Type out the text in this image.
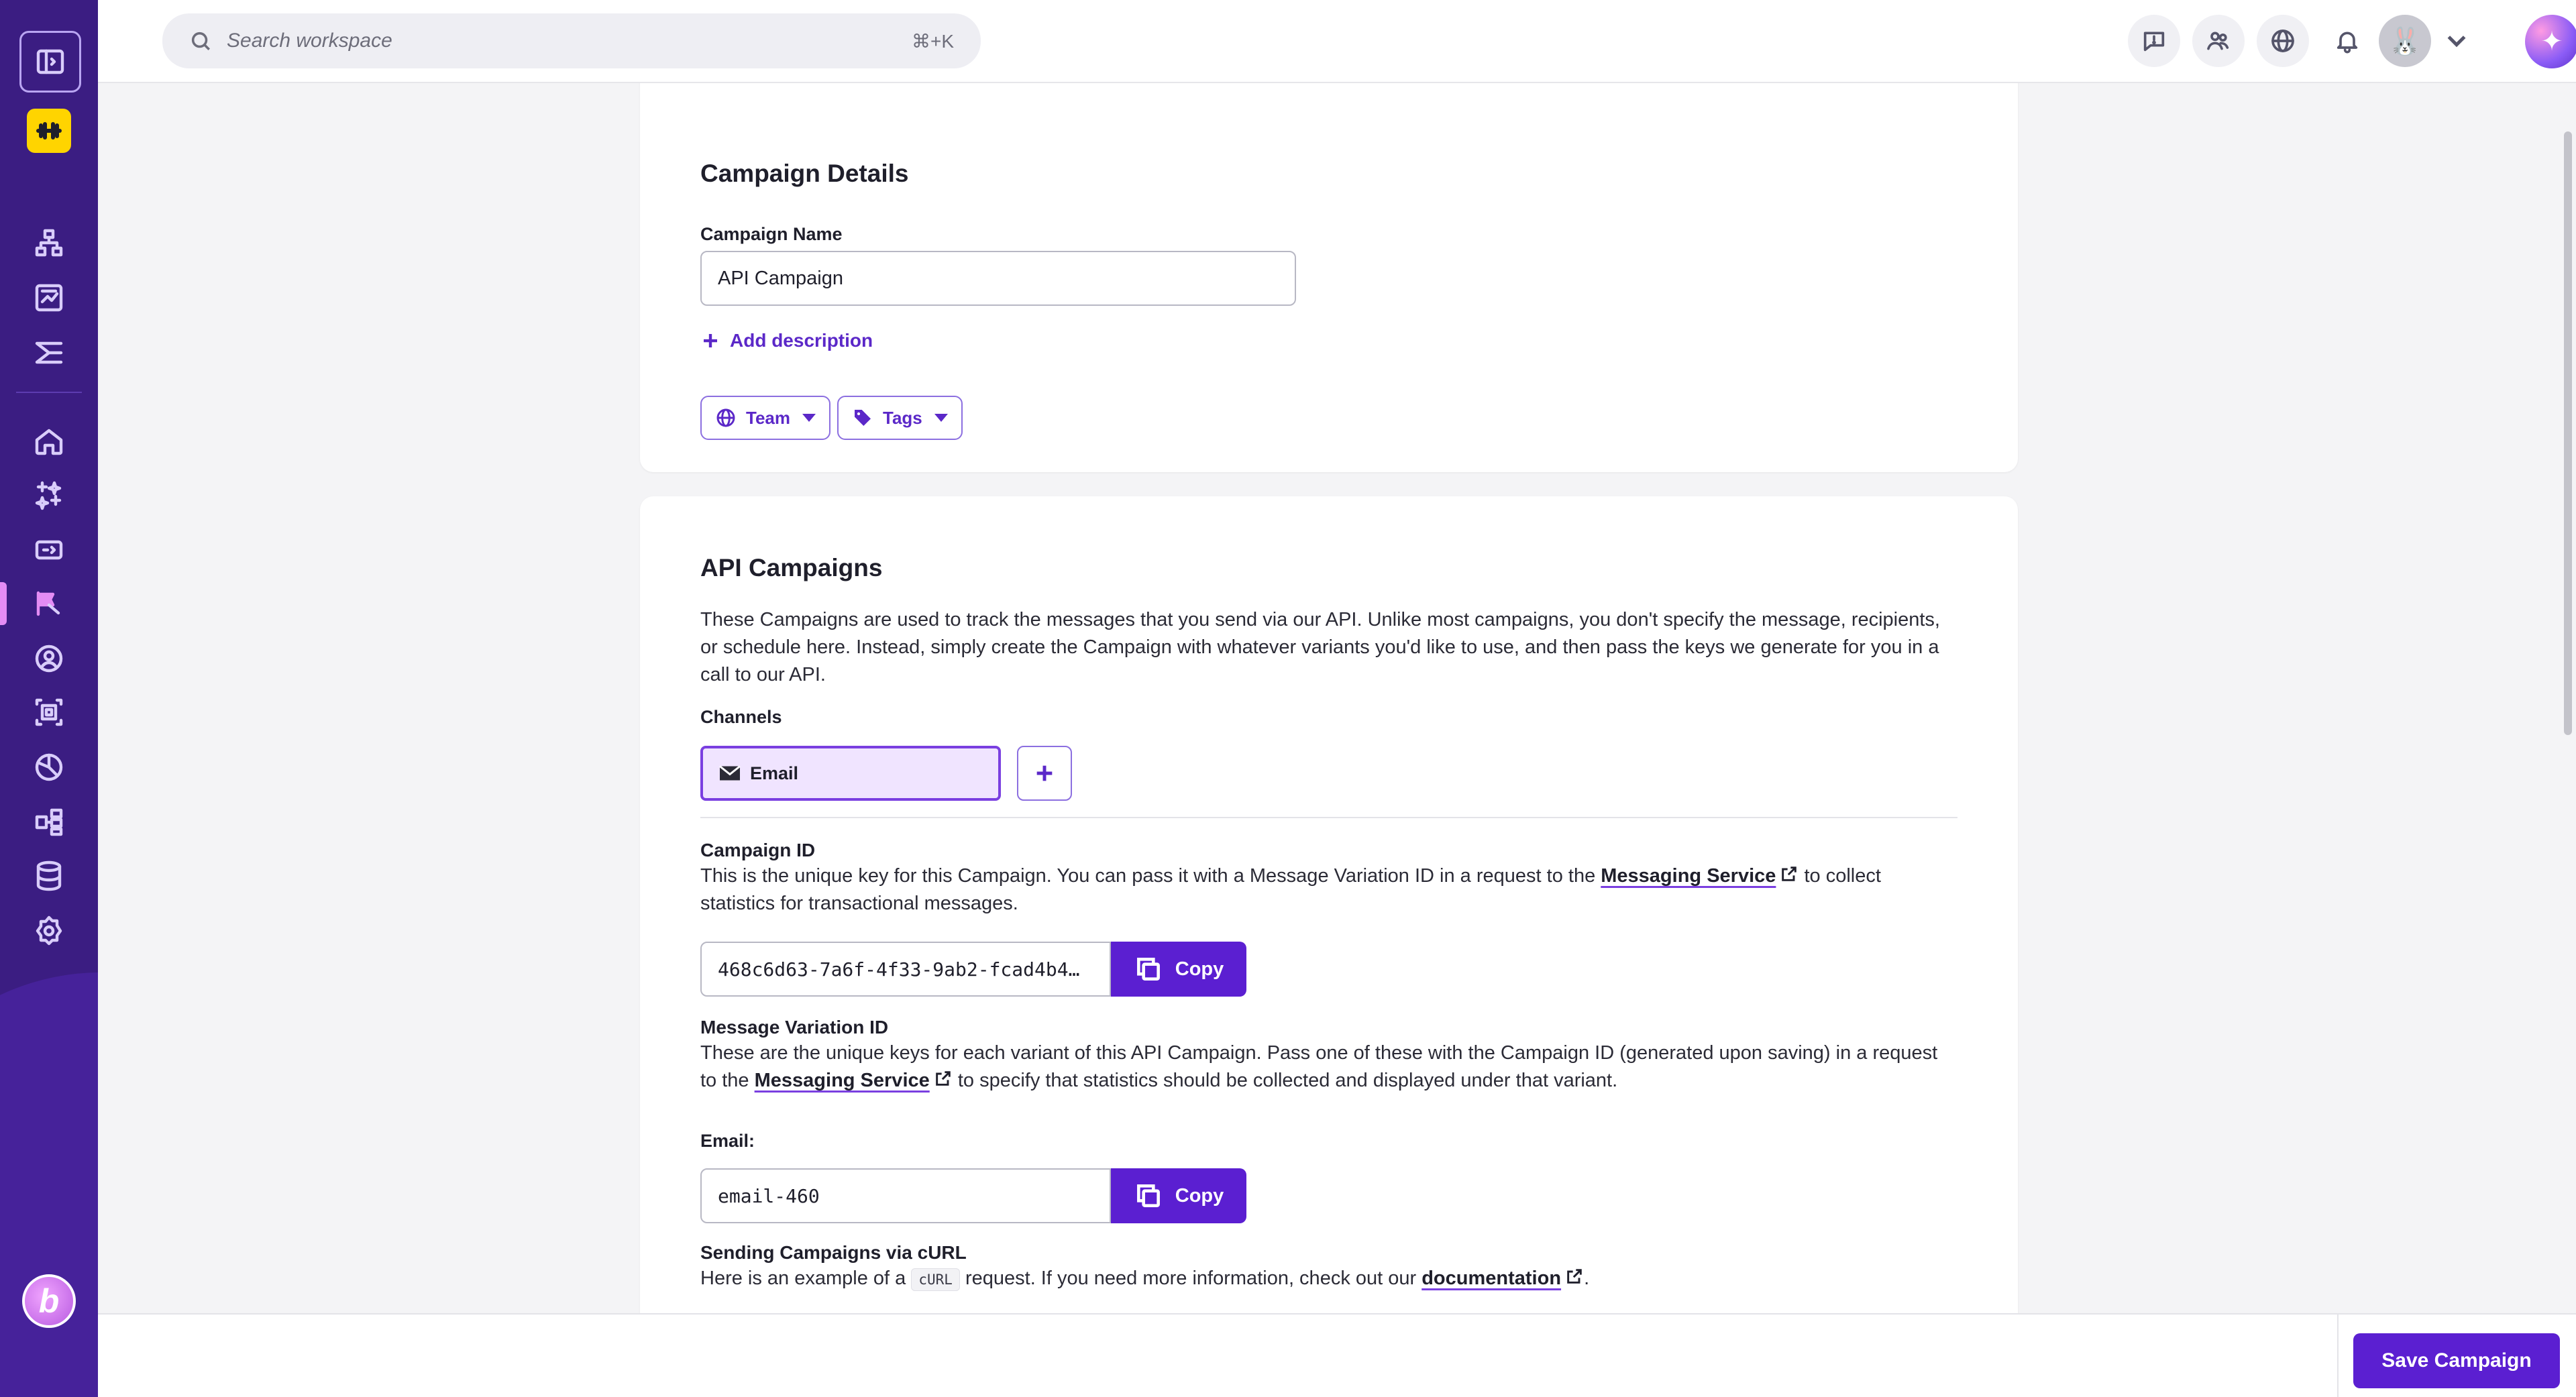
b
Search workspace	⌘+K	🐰	✦
Campaign Details
Campaign Name
API Campaign
Add description
Team	Tags
API Campaigns

These Campaigns are used to track the messages that you send via our API. Unlike most campaigns, you don't specify the message, recipients, or schedule here. Instead, simply create the Campaign with whatever variants you'd like to use, and then pass the keys we generate for you in a call to our API.

Channels
Email
Campaign ID

This is the unique key for this Campaign. You can pass it with a Message Variation ID in a request to the Messaging Service to collect statistics for transactional messages.

468c6d63-7a6f-4f33-9ab2-fcad4b4…	Copy
Message Variation ID

These are the unique keys for each variant of this API Campaign. Pass one of these with the Campaign ID (generated upon saving) in a request to the Messaging Service to specify that statistics should be collected and displayed under that variant.

Email:
email-460	Copy
Sending Campaigns via cURL

Here is an example of a cURL request. If you need more information, check out our documentation .

Save Campaign
